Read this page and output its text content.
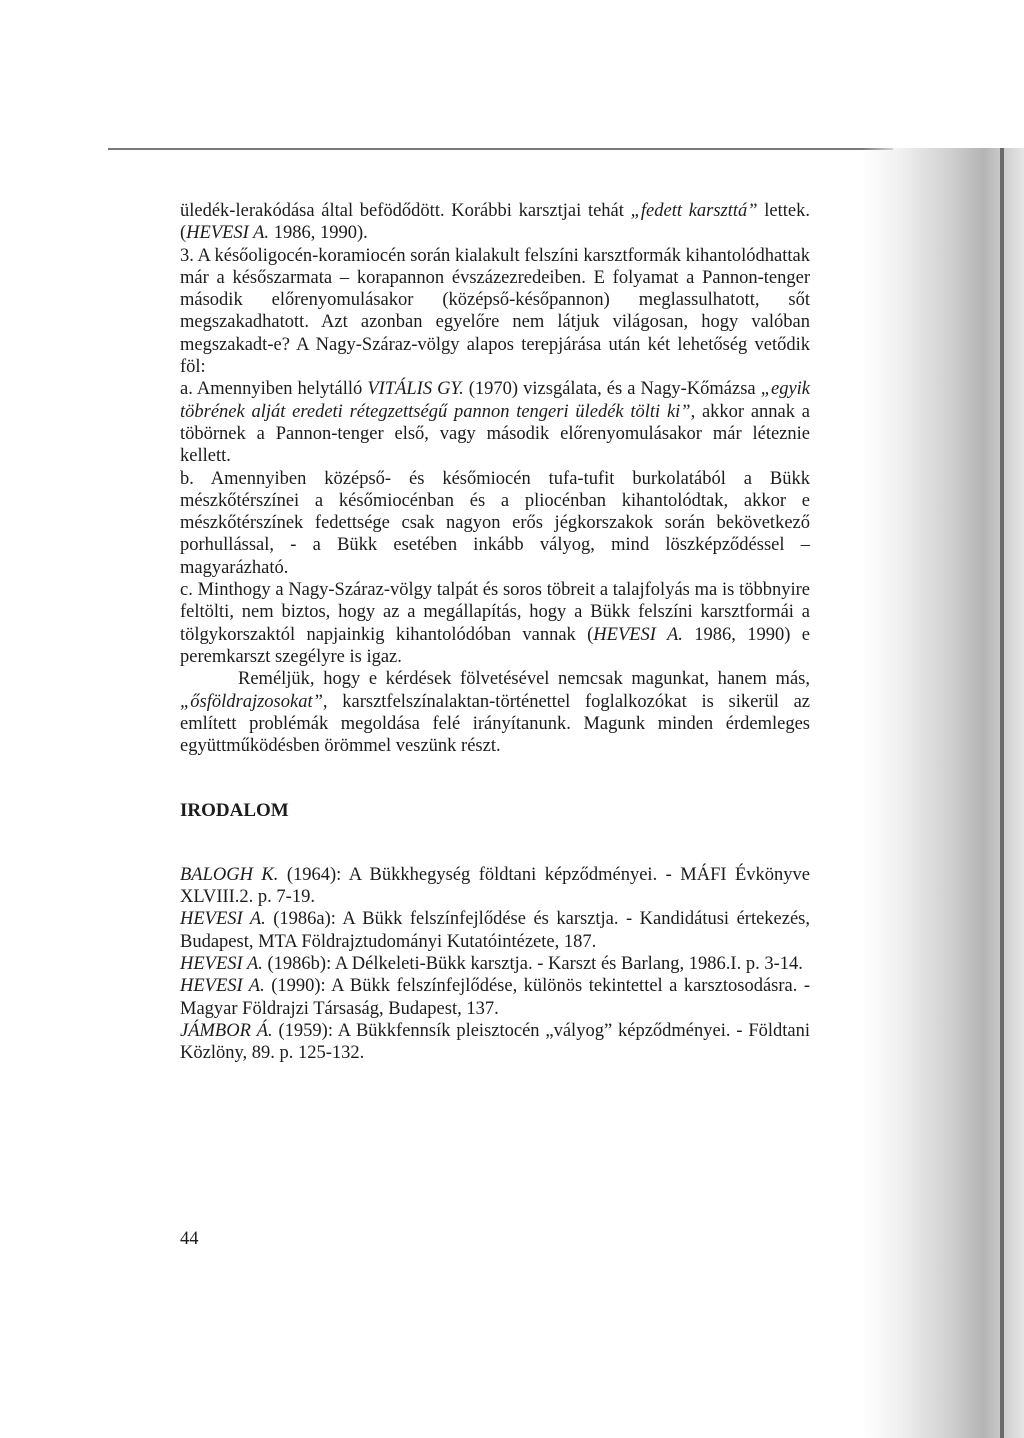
üledék-lerakódása által befödődött. Korábbi karsztjai tehát „fedett karszttá” lettek. (HEVESI A. 1986, 1990).

3. A későoligocén-koramiocén során kialakult felszíni karsztformák kihantolódhattak már a későszarmata – korapannon évszázezredeiben. E folyamat a Pannon-tenger második előrenyomulásakor (középső-későpannon) meglassulhatott, sőt megszakadhatott. Azt azonban egyelőre nem látjuk világosan, hogy valóban megszakadt-e? A Nagy-Száraz-völgy alapos terepjárása után két lehetőség vetődik föl:

a. Amennyiben helytálló VITÁLIS GY. (1970) vizsgálata, és a Nagy-Kőmázsa „egyik töbrének alját eredeti rétegzettségű pannon tengeri üledék tölti ki”, akkor annak a töbörnek a Pannon-tenger első, vagy második előrenyomulásakor már léteznie kellett.

b. Amennyiben középső- és későmiocén tufa-tufit burkolatából a Bükk mészkőtérszínei a későmiocénban és a pliocénban kihantolódtak, akkor e mészkőtérszínek fedettsége csak nagyon erős jégkorszakok során bekövetkező porhullással, - a Bükk esetében inkább vályog, mind löszképződéssel – magyarázható.

c. Minthogy a Nagy-Száraz-völgy talpát és soros töbreit a talajfolyás ma is többnyire feltölti, nem biztos, hogy az a megállapítás, hogy a Bükk felszíni karsztformái a tölgykorszaktól napjainkig kihantolódóban vannak (HEVESI A. 1986, 1990) e peremkarszt szegélyre is igaz.

Reméljük, hogy e kérdések fölvetésével nemcsak magunkat, hanem más, „ősföldrajzosokat”, karsztfelszínalaktan-történettel foglalkozókat is sikerül az említett problémák megoldása felé irányítanunk. Magunk minden érdemleges együttműködésben örömmel veszünk részt.

IRODALOM

BALOGH K. (1964): A Bükkhegység földtani képződményei. - MÁFI Évkönyve XLVIII.2. p. 7-19.

HEVESI A. (1986a): A Bükk felszínfejlődése és karsztja. - Kandidátusi értekezés, Budapest, MTA Földrajztudományi Kutatóintézete, 187.

HEVESI A. (1986b): A Délkeleti-Bükk karsztja. - Karszt és Barlang, 1986.I. p. 3-14.

HEVESI A. (1990): A Bükk felszínfejlődése, különös tekintettel a karsztosodásra. - Magyar Földrajzi Társaság, Budapest, 137.

JÁMBOR Á. (1959): A Bükkfennsík pleisztocén „vályog” képződményei. - Földtani Közlöny, 89. p. 125-132.

44
